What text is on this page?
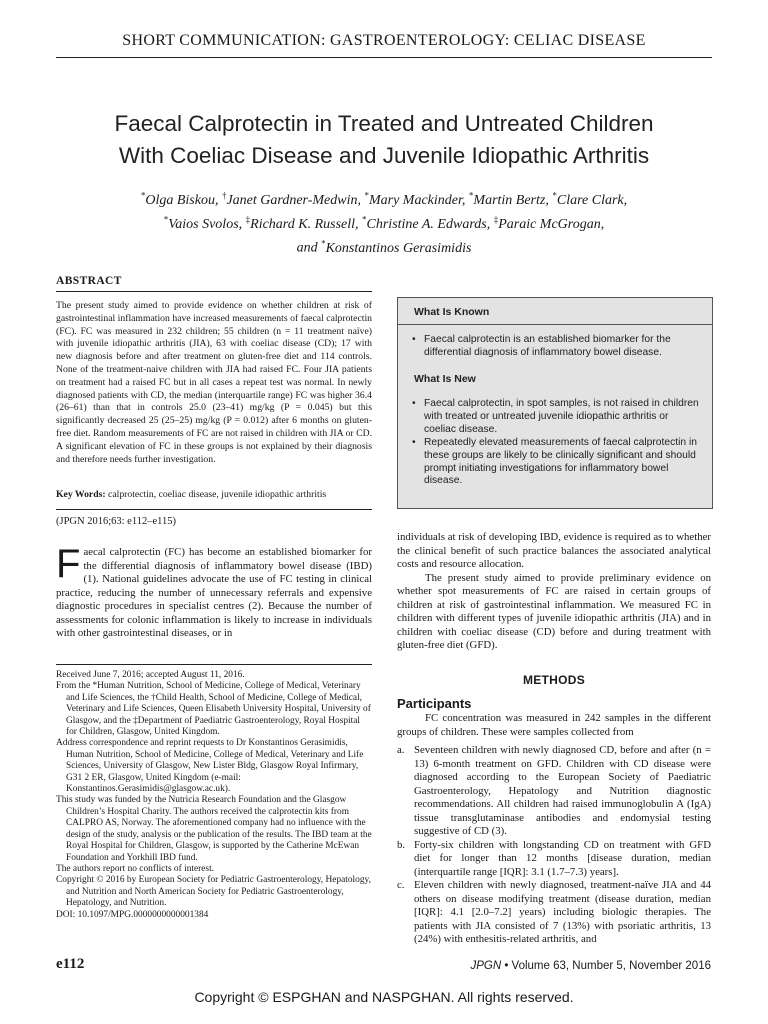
SHORT COMMUNICATION: GASTROENTEROLOGY: CELIAC DISEASE
Faecal Calprotectin in Treated and Untreated Children
With Coeliac Disease and Juvenile Idiopathic Arthritis
*Olga Biskou, †Janet Gardner-Medwin, *Mary Mackinder, *Martin Bertz, *Clare Clark,
*Vaios Svolos, ‡Richard K. Russell, *Christine A. Edwards, ‡Paraic McGrogan,
and *Konstantinos Gerasimidis
ABSTRACT
The present study aimed to provide evidence on whether children at risk of gastrointestinal inflammation have increased measurements of faecal calprotectin (FC). FC was measured in 232 children; 55 children (n = 11 treatment naïve) with juvenile idiopathic arthritis (JIA), 63 with coeliac disease (CD); 17 with new diagnosis before and after treatment on gluten-free diet and 114 controls. None of the treatment-naive children with JIA had raised FC. Four JIA patients on treatment had a raised FC but in all cases a repeat test was normal. In newly diagnosed patients with CD, the median (interquartile range) FC was higher 36.4 (26–61) than that in controls 25.0 (23–41) mg/kg (P = 0.045) but this significantly decreased 25 (25–25) mg/kg (P = 0.012) after 6 months on gluten-free diet. Random measurements of FC are not raised in children with JIA or CD. A significant elevation of FC in these groups is not explained by their diagnosis and therefore needs further investigation.
Key Words: calprotectin, coeliac disease, juvenile idiopathic arthritis
(JPGN 2016;63: e112–e115)
What Is Known
• Faecal calprotectin is an established biomarker for the differential diagnosis of inflammatory bowel disease.
What Is New
• Faecal calprotectin, in spot samples, is not raised in children with treated or untreated juvenile idiopathic arthritis or coeliac disease.
• Repeatedly elevated measurements of faecal calprotectin in these groups are likely to be clinically significant and should prompt initiating investigations for inflammatory bowel disease.
Faecal calprotectin (FC) has become an established biomarker for the differential diagnosis of inflammatory bowel disease (IBD) (1). National guidelines advocate the use of FC testing in clinical practice, reducing the number of unnecessary referrals and expensive diagnostic procedures in specialist centres (2). Because the number of assessments for colonic inflammation is likely to increase in individuals with other gastrointestinal diseases, or in

individuals at risk of developing IBD, evidence is required as to whether the clinical benefit of such practice balances the associated analytical costs and resource allocation.

The present study aimed to provide preliminary evidence on whether spot measurements of FC are raised in certain groups of children at risk of gastrointestinal inflammation. We measured FC in children with different types of juvenile idiopathic arthritis (JIA) and in children with coeliac disease (CD) before and during treatment with gluten-free diet (GFD).

Received June 7, 2016; accepted August 11, 2016.
From the *Human Nutrition, School of Medicine, College of Medical, Veterinary and Life Sciences, the †Child Health, School of Medicine, College of Medical, Veterinary and Life Sciences, Queen Elisabeth University Hospital, University of Glasgow, and the ‡Department of Paediatric Gastroenterology, Royal Hospital for Children, Glasgow, United Kingdom.
Address correspondence and reprint requests to Dr Konstantinos Gerasimidis, Human Nutrition, School of Medicine, College of Medical, Veterinary and Life Sciences, University of Glasgow, New Lister Bldg, Glasgow Royal Infirmary, G31 2 ER, Glasgow, United Kingdom (e-mail: Konstantinos.Gerasimidis@glasgow.ac.uk).
This study was funded by the Nutricia Research Foundation and the Glasgow Children’s Hospital Charity. The authors received the calprotectin kits from CALPRO AS, Norway. The aforementioned company had no influence with the design of the study, analysis or the publication of the results. The IBD team at the Royal Hospital for Children, Glasgow, is supported by the Catherine McEwan Foundation and Yorkhill IBD fund.
The authors report no conflicts of interest.
Copyright © 2016 by European Society for Pediatric Gastroenterology, Hepatology, and Nutrition and North American Society for Pediatric Gastroenterology, Hepatology, and Nutrition.
DOI: 10.1097/MPG.0000000000001384
METHODS
Participants
FC concentration was measured in 242 samples in the different groups of children. These were samples collected from
a. Seventeen children with newly diagnosed CD, before and after (n = 13) 6-month treatment on GFD. Children with CD disease were diagnosed according to the European Society of Paediatric Gastroenterology, Hepatology and Nutrition diagnostic recommendations. All children had raised immunoglobulin A (IgA) tissue transglutaminase antibodies and endomysial testing suggestive of CD (3).
b. Forty-six children with longstanding CD on treatment with GFD diet for longer than 12 months [disease duration, median (interquartile range [IQR]: 3.1 (1.7–7.3) years].
c. Eleven children with newly diagnosed, treatment-naïve JIA and 44 others on disease modifying treatment (disease duration, median [IQR]: 4.1 [2.0–7.2] years) including biologic therapies. The patients with JIA consisted of 7 (13%) with psoriatic arthritis, 13 (24%) with enthesitis-related arthritis, and
e112	JPGN • Volume 63, Number 5, November 2016
Copyright © ESPGHAN and NASPGHAN. All rights reserved.
